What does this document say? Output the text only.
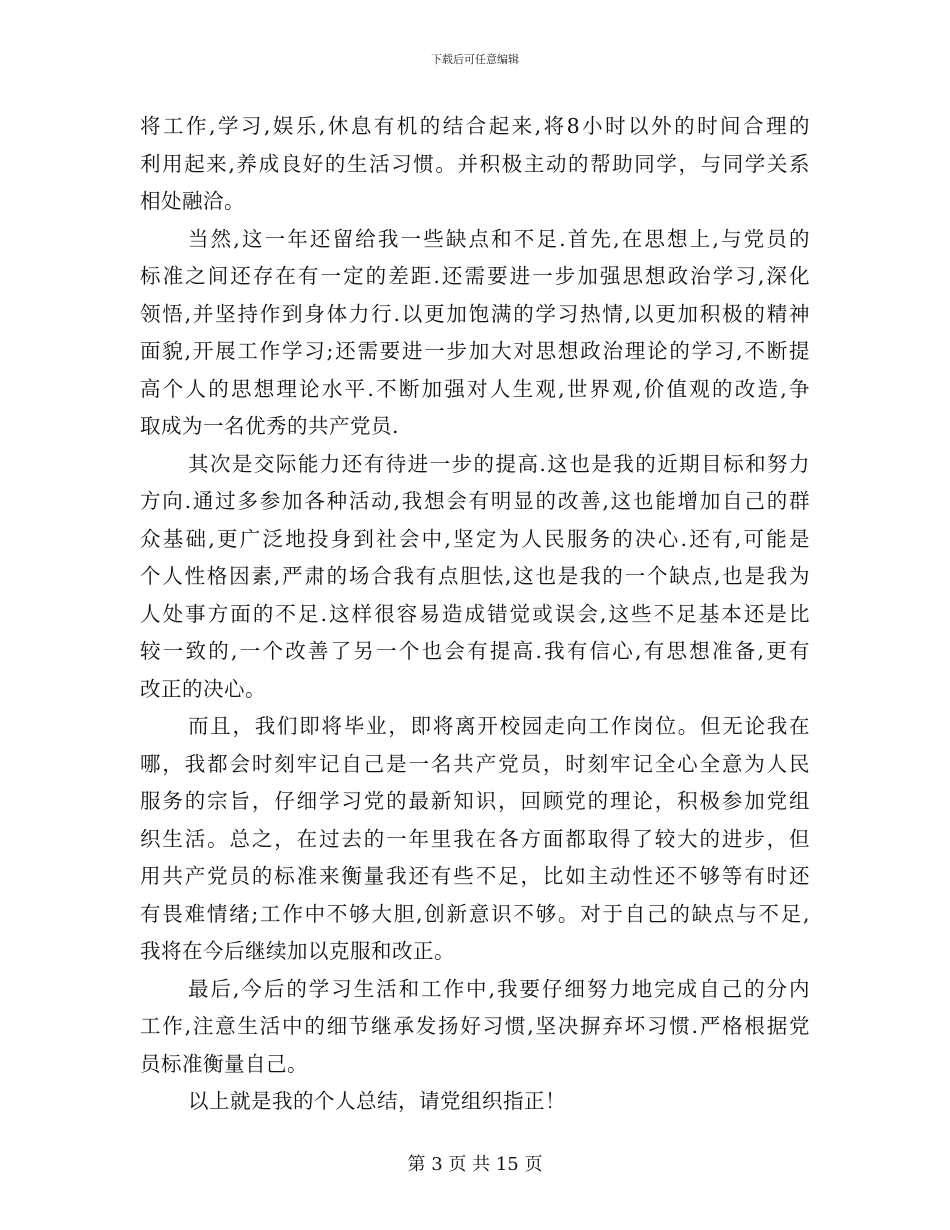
下载后可任意编辑
将工作,学习,娱乐,休息有机的结合起来,将8小时以外的时间合理的
利用起来,养成良好的生活习惯。并积极主动的帮助同学，与同学关系
相处融洽。
当然,这一年还留给我一些缺点和不足.首先,在思想上,与党员的
标准之间还存在有一定的差距.还需要进一步加强思想政治学习,深化
领悟,并坚持作到身体力行.以更加饱满的学习热情,以更加积极的精神
面貌,开展工作学习;还需要进一步加大对思想政治理论的学习,不断提
高个人的思想理论水平.不断加强对人生观,世界观,价值观的改造,争
取成为一名优秀的共产党员.
其次是交际能力还有待进一步的提高.这也是我的近期目标和努力
方向.通过多参加各种活动,我想会有明显的改善,这也能增加自己的群
众基础,更广泛地投身到社会中,坚定为人民服务的决心.还有,可能是
个人性格因素,严肃的场合我有点胆怯,这也是我的一个缺点,也是我为
人处事方面的不足.这样很容易造成错觉或误会,这些不足基本还是比
较一致的,一个改善了另一个也会有提高.我有信心,有思想准备,更有
改正的决心。
而且，我们即将毕业，即将离开校园走向工作岗位。但无论我在
哪，我都会时刻牢记自己是一名共产党员，时刻牢记全心全意为人民
服务的宗旨，仔细学习党的最新知识，回顾党的理论，积极参加党组
织生活。总之，在过去的一年里我在各方面都取得了较大的进步，但
用共产党员的标准来衡量我还有些不足，比如主动性还不够等有时还
有畏难情绪;工作中不够大胆,创新意识不够。对于自己的缺点与不足,
我将在今后继续加以克服和改正。
最后,今后的学习生活和工作中,我要仔细努力地完成自己的分内
工作,注意生活中的细节继承发扬好习惯,坚决摒弃坏习惯.严格根据党
员标准衡量自己。
以上就是我的个人总结，请党组织指正！
第 3 页 共 15 页
